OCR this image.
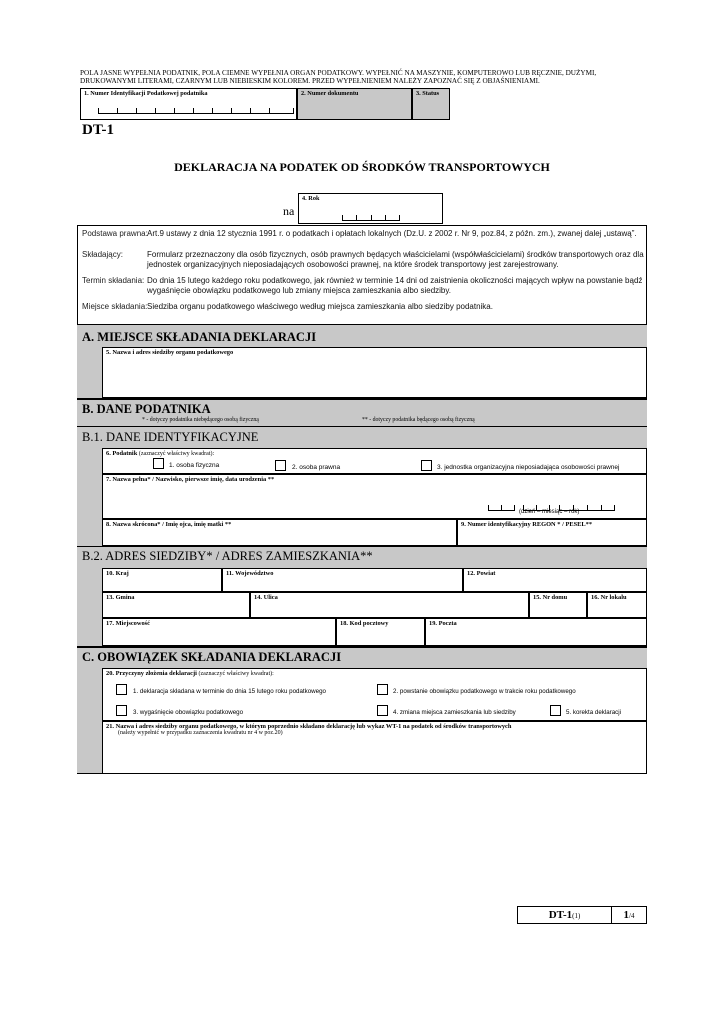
POLA JASNE WYPEŁNIA PODATNIK, POLA CIEMNE WYPEŁNIA ORGAN PODATKOWY. WYPEŁNIĆ NA MASZYNIE, KOMPUTEROWO LUB RĘCZNIE, DUŻYMI, DRUKOWANYMI LITERAMI, CZARNYM LUB NIEBIESKIM KOLOREM. PRZED WYPEŁNIENIEM NALEŻY ZAPOZNAĆ SIĘ Z OBJAŚNIENIAMI.
1. Numer Identyfikacji Podatkowej podatnika	2. Numer dokumentu	3. Status
DT-1
DEKLARACJA NA PODATEK OD ŚRODKÓW TRANSPORTOWYCH
na
4. Rok
Podstawa prawna: Art.9 ustawy z dnia 12 stycznia 1991 r. o podatkach i opłatach lokalnych (Dz.U. z 2002 r. Nr 9, poz.84, z późn. zm.), zwanej dalej „ustawą”.
Składający:	Formularz przeznaczony dla osób fizycznych, osób prawnych będących właścicielami (współwłaścicielami) środków transportowych oraz dla jednostek organizacyjnych nieposiadających osobowości prawnej, na które środek transportowy jest zarejestrowany.
Termin składania: Do dnia 15 lutego każdego roku podatkowego, jak również w terminie 14 dni od zaistnienia okoliczności mających wpływ na powstanie bądź wygaśnięcie obowiązku podatkowego lub zmiany miejsca zamieszkania albo siedziby.
Miejsce składania: Siedziba organu podatkowego właściwego według miejsca zamieszkania albo siedziby podatnika.
A. MIEJSCE SKŁADANIA DEKLARACJI
5. Nazwa i adres siedziby organu podatkowego
B. DANE PODATNIKA
* - dotyczy podatnika niebędącego osobą fizyczną	** - dotyczy podatnika będącego osobą fizyczną
B.1. DANE IDENTYFIKACYJNE
6. Podatnik (zaznaczyć właściwy kwadrat):
1. osoba fizyczna	2. osoba prawna	3. jednostka organizacyjna nieposiadająca osobowości prawnej
7. Nazwa pełna* / Nazwisko, pierwsze imię, data urodzenia **
(dzień – miesiąc – rok)
8. Nazwa skrócona* / Imię ojca, imię matki **	9. Numer identyfikacyjny REGON * / PESEL**
B.2. ADRES SIEDZIBY* / ADRES ZAMIESZKANIA**
10. Kraj	11. Województwo	12. Powiat
13. Gmina	14. Ulica	15. Nr domu	16. Nr lokalu
17. Miejscowość	18. Kod pocztowy	19. Poczta
C. OBOWIĄZEK SKŁADANIA DEKLARACJI
20. Przyczyny złożenia deklaracji (zaznaczyć właściwy kwadrat):
1. deklaracja składana w terminie do dnia 15 lutego roku podatkowego	2. powstanie obowiązku podatkowego w trakcie roku podatkowego
3. wygaśnięcie obowiązku podatkowego	4. zmiana miejsca zamieszkania lub siedziby	5. korekta deklaracji
21. Nazwa i adres siedziby organu podatkowego, w którym poprzednio składano deklarację lub wykaz WT-1 na podatek od środków transportowych
(należy wypełnić w przypadku zaznaczenia kwadratu nr 4 w poz.20)
DT-1(1)	1/4
